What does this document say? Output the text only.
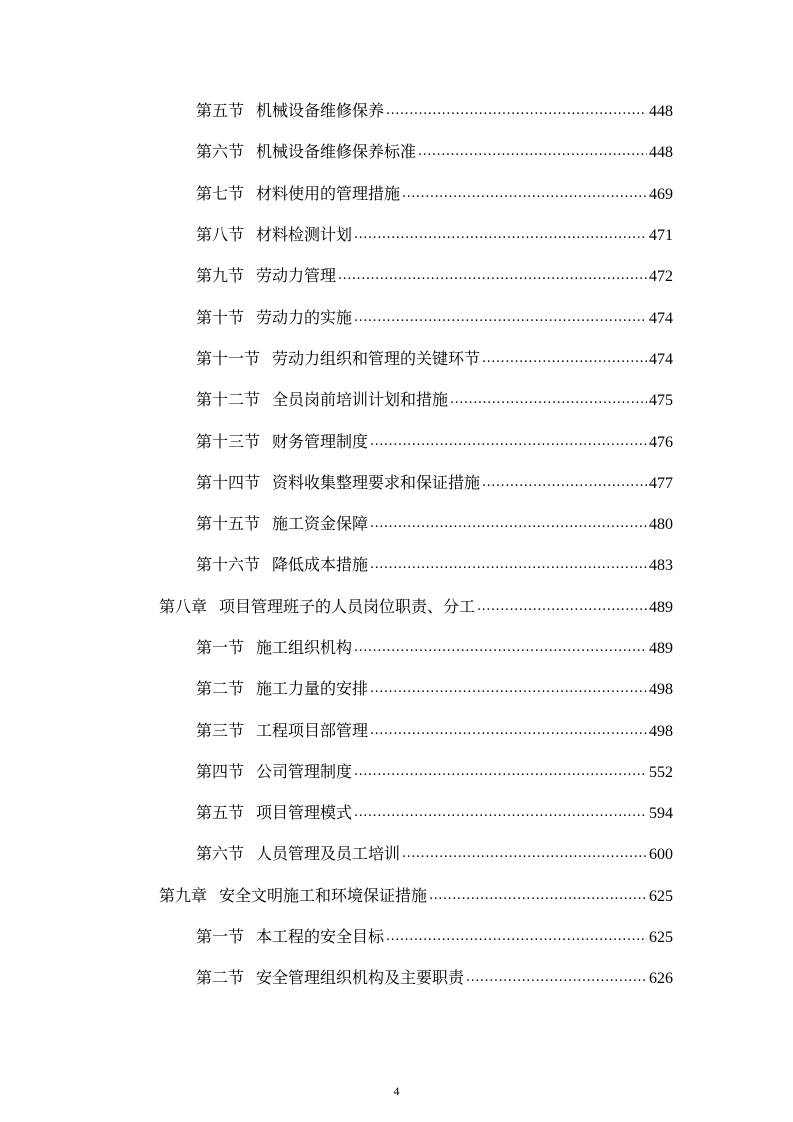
第五节 机械设备维修保养 .....	448
第六节 机械设备维修保养标准 .....	448
第七节 材料使用的管理措施 .....	469
第八节 材料检测计划 .....	471
第九节 劳动力管理 .....	472
第十节 劳动力的实施 .....	474
第十一节 劳动力组织和管理的关键环节 .....	474
第十二节 全员岗前培训计划和措施 .....	475
第十三节 财务管理制度 .....	476
第十四节 资料收集整理要求和保证措施 .....	477
第十五节 施工资金保障 .....	480
第十六节 降低成本措施 .....	483
第八章 项目管理班子的人员岗位职责、分工 .....	489
第一节 施工组织机构 .....	489
第二节 施工力量的安排 .....	498
第三节 工程项目部管理 .....	498
第四节 公司管理制度 .....	552
第五节 项目管理模式 .....	594
第六节 人员管理及员工培训 .....	600
第九章 安全文明施工和环境保证措施 .....	625
第一节 本工程的安全目标 .....	625
第二节 安全管理组织机构及主要职责 .....	626
4
